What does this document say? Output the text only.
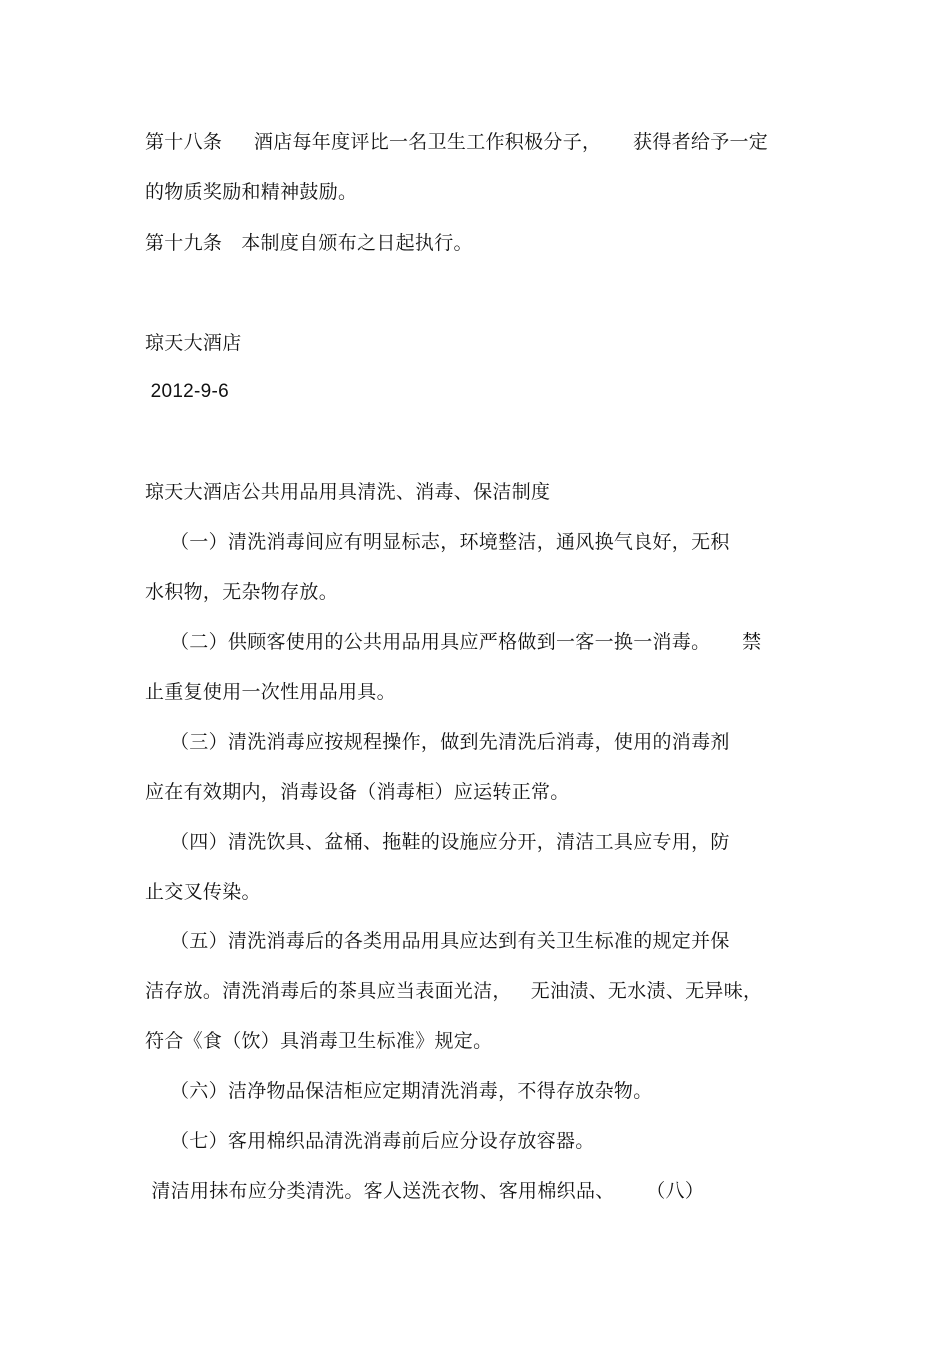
第十八条     酒店每年度评比一名卫生工作积极分子，     获得者给予一定
的物质奖励和精神鼓励。
第十九条   本制度自颁布之日起执行。
琼天大酒店
2012-9-6
琼天大酒店公共用品用具清洗、消毒、保洁制度
（一）清洗消毒间应有明显标志，环境整洁，通风换气良好，无积
水积物，无杂物存放。
（二）供顾客使用的公共用品用具应严格做到一客一换一消毒。     禁
止重复使用一次性用品用具。
（三）清洗消毒应按规程操作，做到先清洗后消毒，使用的消毒剂
应在有效期内，消毒设备（消毒柜）应运转正常。
（四）清洗饮具、盆桶、拖鞋的设施应分开，清洁工具应专用，防
止交叉传染。
（五）清洗消毒后的各类用品用具应达到有关卫生标准的规定并保
洁存放。清洗消毒后的茶具应当表面光洁，   无油渍、无水渍、无异味，
符合《食（饮）具消毒卫生标准》规定。
（六）洁净物品保洁柜应定期清洗消毒，不得存放杂物。
（七）客用棉织品清洗消毒前后应分设存放容器。
清洁用抹布应分类清洗。客人送洗衣物、客用棉织品、     （八）
